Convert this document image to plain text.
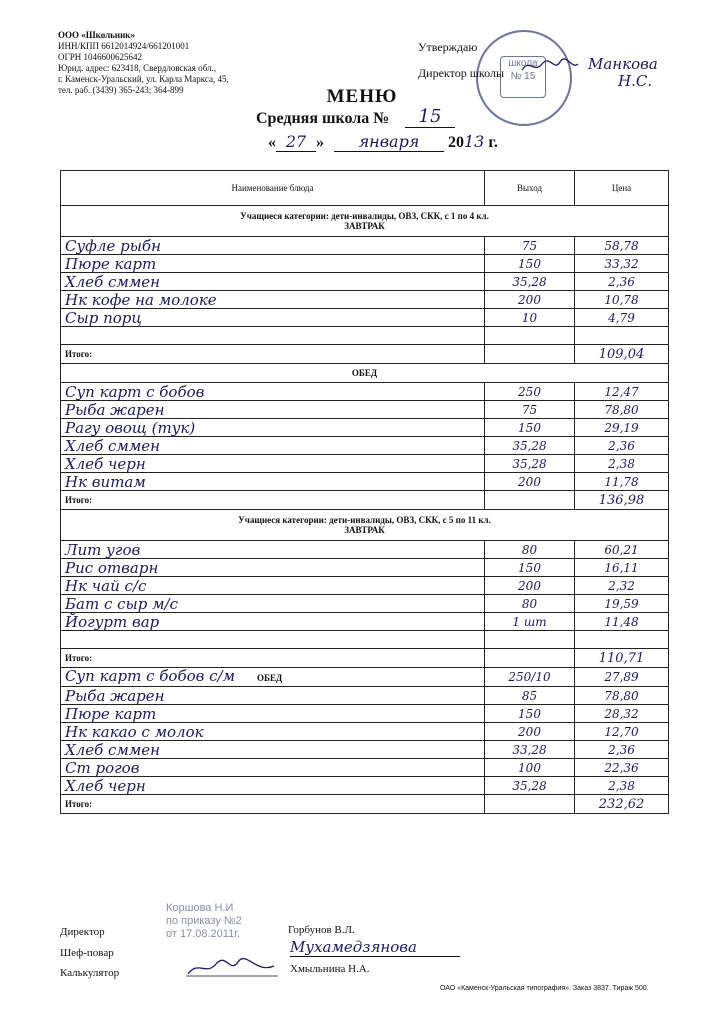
ООО «Школьник»
ИНН/КПП 6612014924/661201001
ОГРН 1046600625642
Юрид. адрес: 623418, Свердловская обл.,
г. Каменск-Уральский, ул. Карла Маркса, 45,
тел. раб. (3439) 365-243; 364-899
школа
№ 15
Утверждаю
Директор школы	Манкова
Н.С.
МЕНЮ
Средняя школа №	15
« 27 » января 2013 г.
Наименование блюда	Выход	Цена

Учащиеся категории: дети-инвалиды, ОВЗ, СКК, с 1 по 4 кл.
ЗАВТРАК		

Суфле рыбн	75	58,78
Пюре карт	150	33,32
Хлеб сммен	35,28	2,36
Нк кофе на молоке	200	10,78
Сыр порц	10	4,79

Итого:		109,04
ОБЕД		
Суп карт с бобов	250	12,47
Рыба жарен	75	78,80
Рагу овощ (тук)	150	29,19
Хлеб сммен	35,28	2,36
Хлеб черн	35,28	2,38
Нк витам	200	11,78
Итого:		136,98

Учащиеся категории: дети-инвалиды, ОВЗ, СКК, с 5 по 11 кл.
ЗАВТРАК		

Лит угов	80	60,21
Рис отварн	150	16,11
Нк чай с/с	200	2,32
Бат с сыр м/с	80	19,59
Йогурт вар	1 шт	11,48

Итого:		110,71
Суп карт с бобов с/м ОБЕД	250/10	27,89
Рыба жарен	85	78,80
Пюре карт	150	28,32
Нк какао с молок	200	12,70
Хлеб сммен	33,28	2,36
Ст рогов	100	22,36
Хлеб черн	35,28	2,38
Итого:		232,62
Коршова Н.И
по приказу №2
от 17.08.2011г.
Директор	Горбунов В.Л.
Шеф-повар	Мухамедзянова
Калькулятор	Хмыльнина Н.А.
ОАО «Каменск-Уральская типография». Заказ 3837. Тираж 500.
